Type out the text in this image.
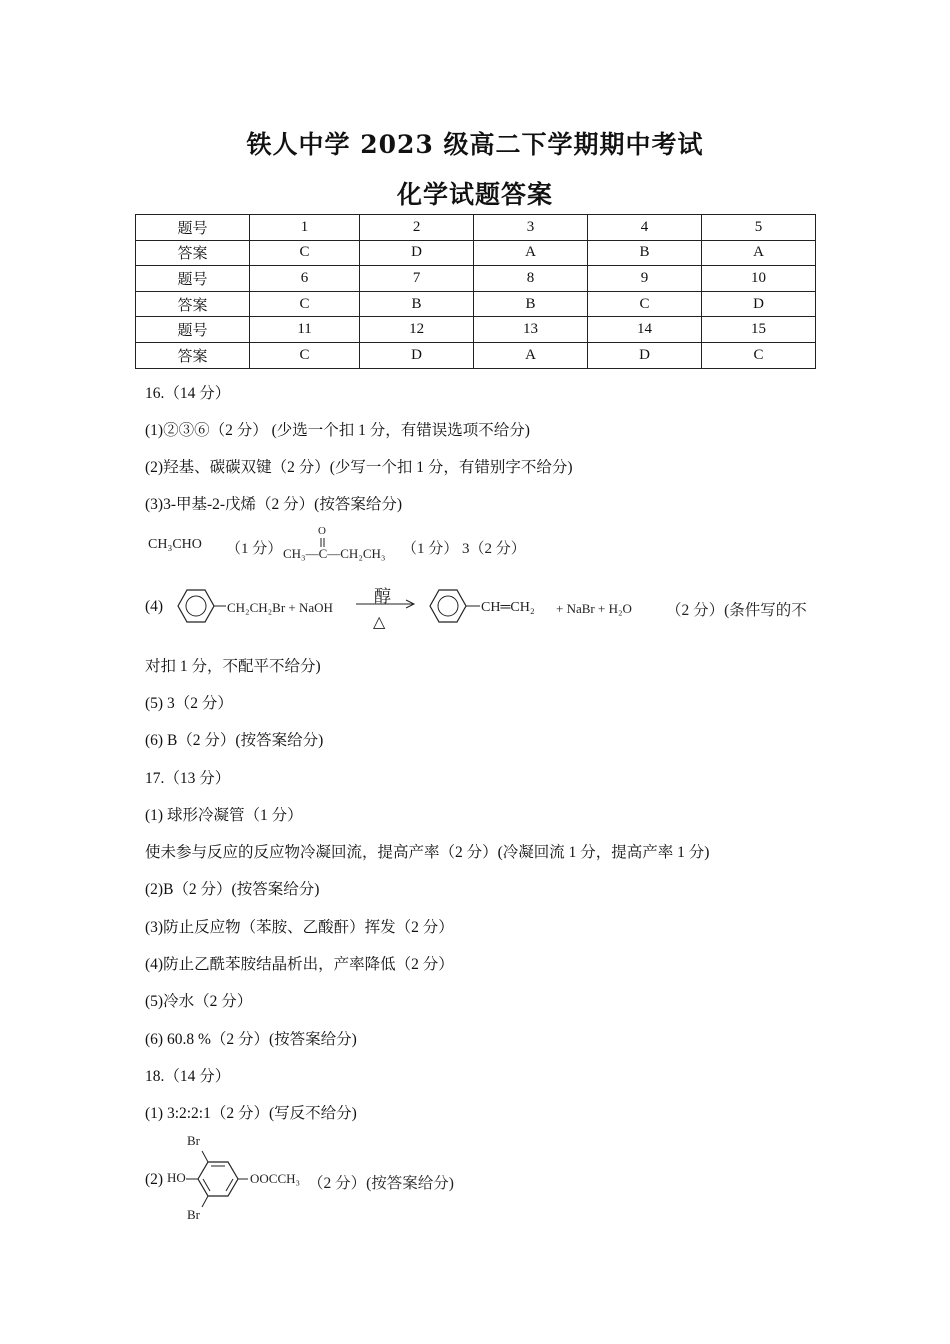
铁人中学 2023 级高二下学期期中考试
化学试题答案
题号	1	2	3	4	5
答案	C	D	A	B	A
题号	6	7	8	9	10
答案	C	B	B	C	D
题号	11	12	13	14	15
答案	C	D	A	D	C
16.（14 分）
(1)②③⑥（2 分） (少选一个扣 1 分，有错误选项不给分)
(2)羟基、碳碳双键（2 分）(少写一个扣 1 分，有错别字不给分)
(3)3-甲基-2-戊烯（2 分）(按答案给分)
CH₃CHO （1 分）
O
CH₃—C—CH₂CH₃ （1 分） 3（2 分）
(4)	CH₂CH₂Br + NaOH
醇
△
CH═CH₂ + NaBr + H₂O （2 分）(条件写的不
对扣 1 分，不配平不给分)
(5) 3（2 分）
(6) B（2 分）(按答案给分)
17.（13 分）
(1) 球形冷凝管（1 分）
使未参与反应的反应物冷凝回流，提高产率（2 分）(冷凝回流 1 分，提高产率 1 分)
(2)B（2 分）(按答案给分)
(3)防止反应物（苯胺、乙酸酐）挥发（2 分）
(4)防止乙酰苯胺结晶析出，产率降低（2 分）
(5)冷水（2 分）
(6) 60.8 %（2 分）(按答案给分)
18.（14 分）
(1) 3:2:2:1（2 分）(写反不给分)
(2)
Br
HO	OOCCH₃
Br
（2 分）(按答案给分)
